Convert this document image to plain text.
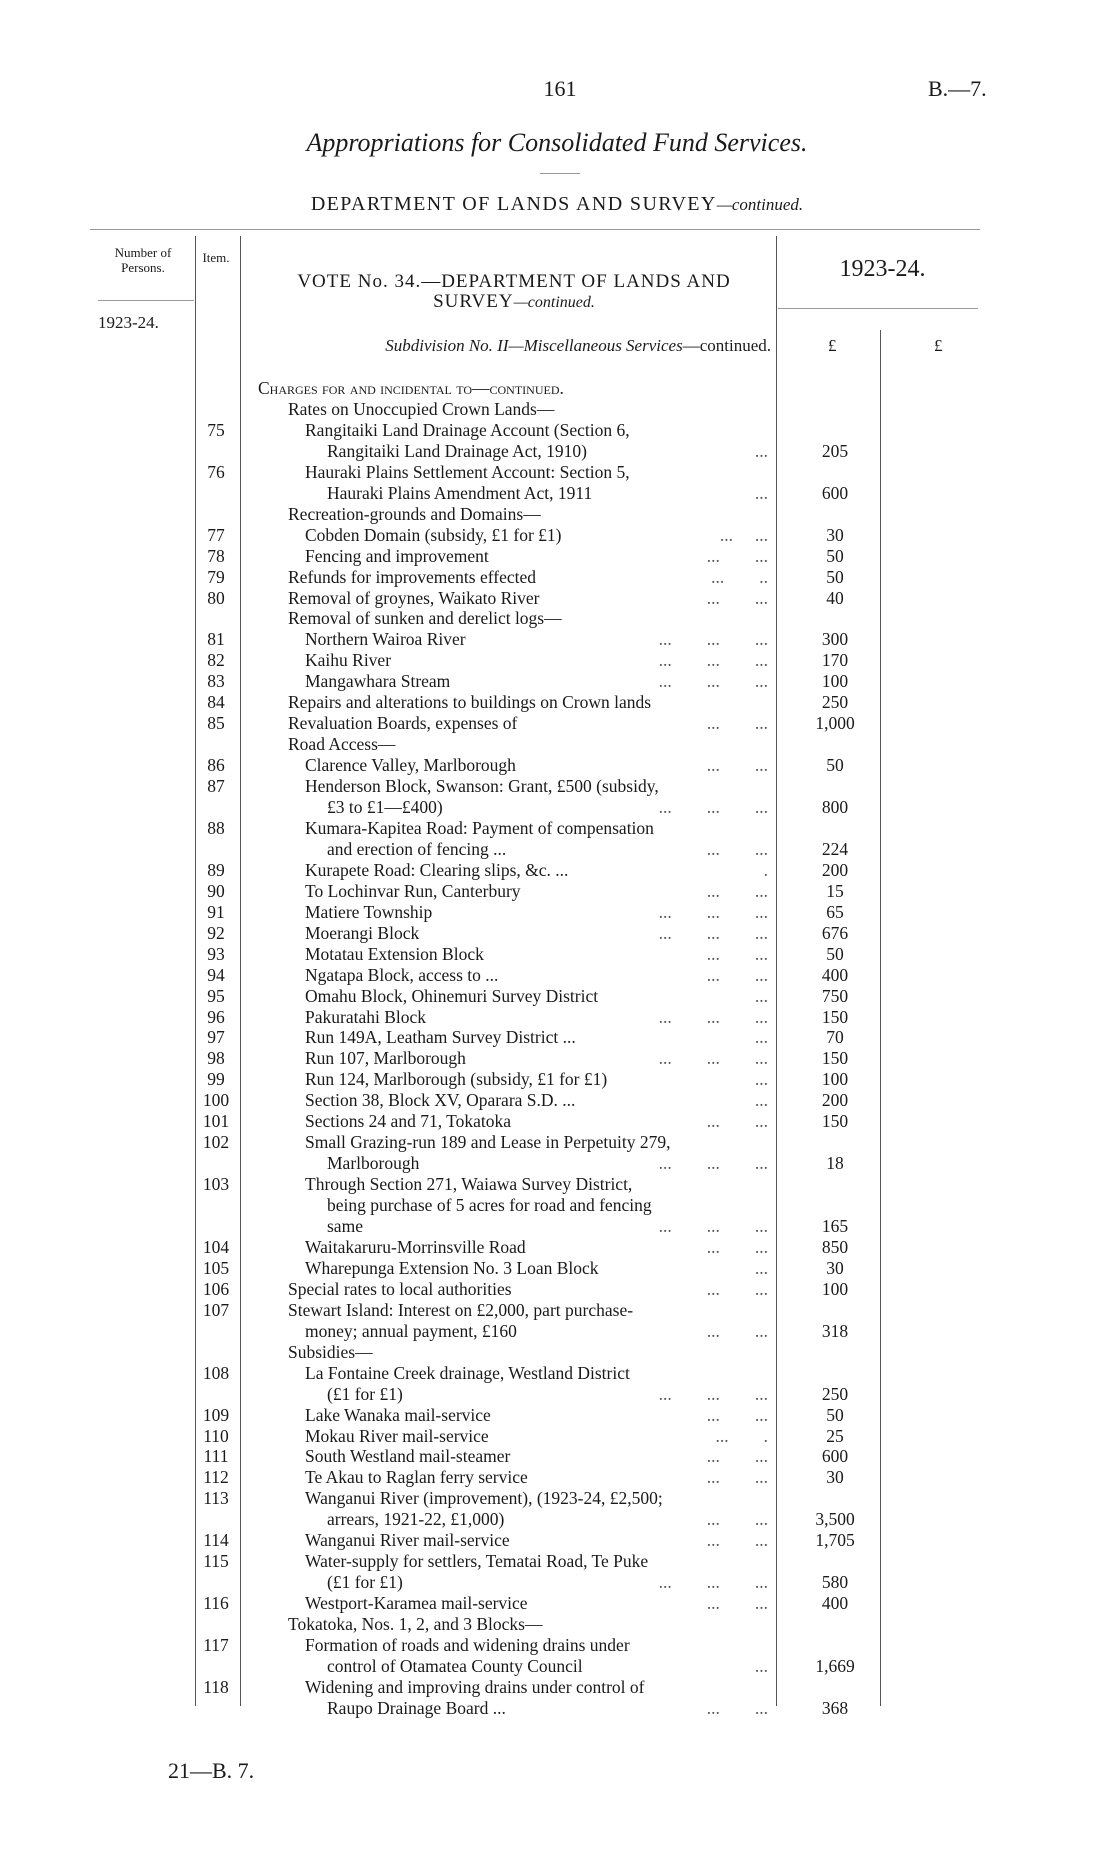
161	B.—7.
Appropriations for Consolidated Fund Services.
DEPARTMENT OF LANDS AND SURVEY—continued.
Number of Persons.
Item.
VOTE No. 34.—DEPARTMENT OF LANDS AND SURVEY—continued.
1923-24.
1923-24.
Subdivision No. II—Miscellaneous Services—continued.	£	£
Charges for and incidental to—continued.
Rates on Unoccupied Crown Lands—
75	Rangitaiki Land Drainage Account (Section 6,
Rangitaiki Land Drainage Act, 1910)	...	205
76	Hauraki Plains Settlement Account: Section 5,
Hauraki Plains Amendment Act, 1911	...	600
Recreation-grounds and Domains—
77	Cobden Domain (subsidy, £1 for £1)	...     ...	30
78	Fencing and improvement	...        ...	50
79	Refunds for improvements effected	...        ..	50
80	Removal of groynes, Waikato River	...        ...	40
Removal of sunken and derelict logs—
81	Northern Wairoa River	...        ...        ...	300
82	Kaihu River	...        ...        ...	170
83	Mangawhara Stream	...        ...        ...	100
84	Repairs and alterations to buildings on Crown lands	250
85	Revaluation Boards, expenses of	...        ...	1,000
Road Access—
86	Clarence Valley, Marlborough	...        ...	50
87	Henderson Block, Swanson: Grant, £500 (subsidy,
£3 to £1—£400)	...        ...        ...	800
88	Kumara-Kapitea Road: Payment of compensation
and erection of fencing ...	...        ...	224
89	Kurapete Road: Clearing slips, &c. ...	.	200
90	To Lochinvar Run, Canterbury	...        ...	15
91	Matiere Township	...        ...        ...	65
92	Moerangi Block	...        ...        ...	676
93	Motatau Extension Block	...        ...	50
94	Ngatapa Block, access to ...	...        ...	400
95	Omahu Block, Ohinemuri Survey District	...	750
96	Pakuratahi Block	...        ...        ...	150
97	Run 149A, Leatham Survey District ...	...	70
98	Run 107, Marlborough	...        ...        ...	150
99	Run 124, Marlborough (subsidy, £1 for £1)	...	100
100	Section 38, Block XV, Oparara S.D. ...	...	200
101	Sections 24 and 71, Tokatoka	...        ...	150
102	Small Grazing-run 189 and Lease in Perpetuity 279,
Marlborough	...        ...        ...	18
103	Through Section 271, Waiawa Survey District,
being purchase of 5 acres for road and fencing
same	...        ...        ...	165
104	Waitakaruru-Morrinsville Road	...        ...	850
105	Wharepunga Extension No. 3 Loan Block	...	30
106	Special rates to local authorities	...        ...	100
107	Stewart Island: Interest on £2,000, part purchase-
money; annual payment, £160	...        ...	318
Subsidies—
108	La Fontaine Creek drainage, Westland District
(£1 for £1)	...        ...        ...	250
109	Lake Wanaka mail-service	...        ...	50
110	Mokau River mail-service	...        .	25
111	South Westland mail-steamer	...        ...	600
112	Te Akau to Raglan ferry service	...        ...	30
113	Wanganui River (improvement), (1923-24, £2,500;
arrears, 1921-22, £1,000)	...        ...	3,500
114	Wanganui River mail-service	...        ...	1,705
115	Water-supply for settlers, Tematai Road, Te Puke
(£1 for £1)	...        ...        ...	580
116	Westport-Karamea mail-service	...        ...	400
Tokatoka, Nos. 1, 2, and 3 Blocks—
117	Formation of roads and widening drains under
control of Otamatea County Council	...	1,669
118	Widening and improving drains under control of
Raupo Drainage Board ...	...        ...	368
21—B. 7.
